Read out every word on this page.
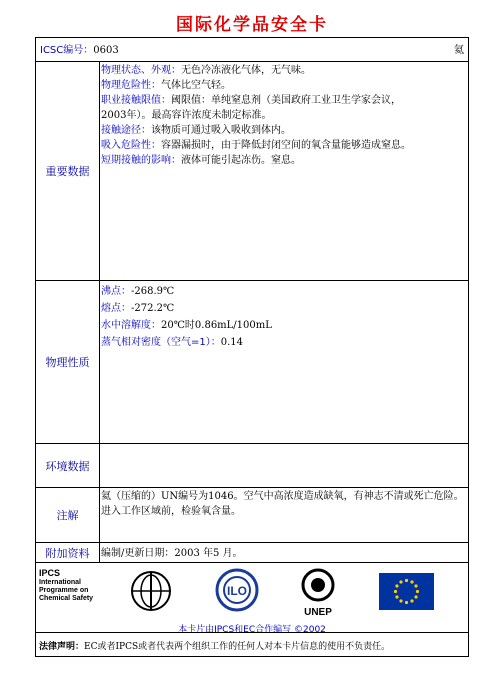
国际化学品安全卡
ICSC编号：0603	氦
重要数据
物理状态、外观：无色冷冻液化气体，无气味。
物理危险性：气体比空气轻。
职业接触限值：阈限值：单纯窒息剂（美国政府工业卫生学家会议，
2003年）。最高容许浓度未制定标准。
接触途径：该物质可通过吸入吸收到体内。
吸入危险性：容器漏损时，由于降低封闭空间的氧含量能够造成窒息。
短期接触的影响：液体可能引起冻伤。窒息。
物理性质
沸点：-268.9℃
熔点：-272.2℃
水中溶解度：20℃时0.86mL/100mL
蒸气相对密度（空气=1）：0.14
环境数据
注解
氦（压缩的）UN编号为1046。空气中高浓度造成缺氧，有神志不清或死亡危险。进入工作区域前，检验氧含量。
附加资料	编制/更新日期：2003 年5 月。
IPCS
International
Programme on
Chemical Safety
ILO
UNEP
本卡片由IPCS和EC合作编写 ©2002
法律声明：EC或者IPCS或者代表两个组织工作的任何人对本卡片信息的使用不负责任。
